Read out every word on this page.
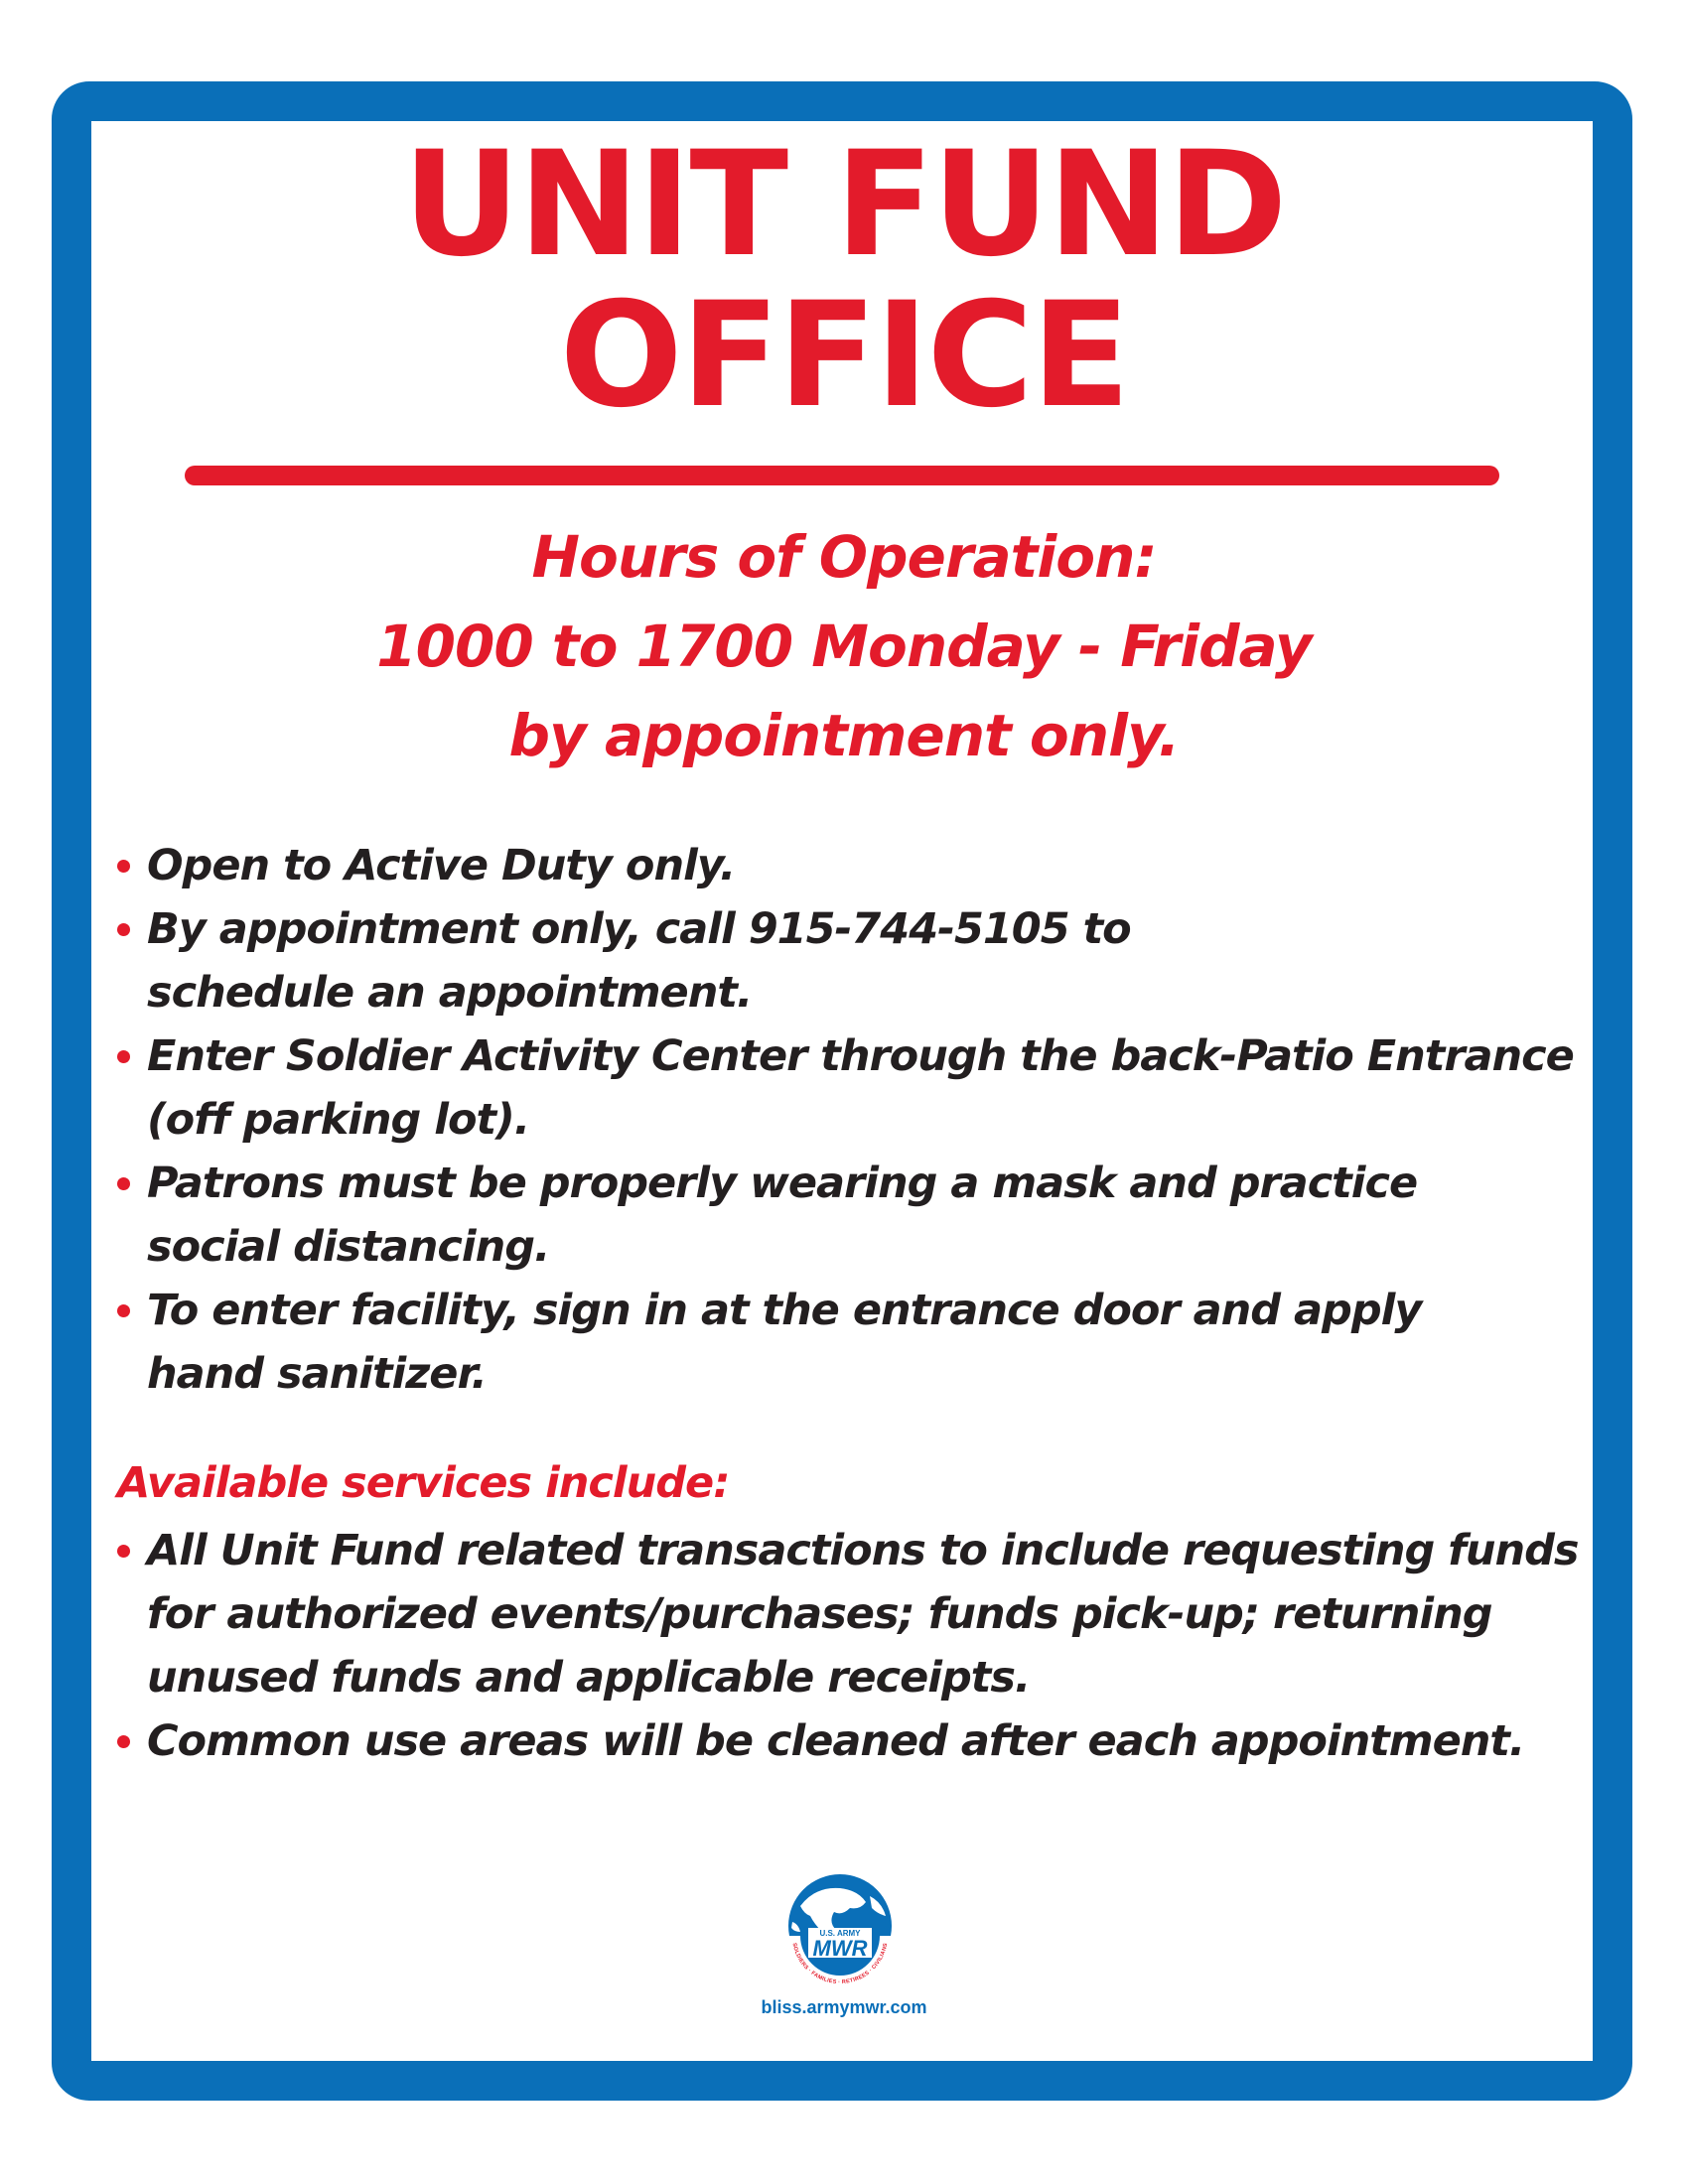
UNIT FUND
OFFICE
Hours of Operation:
1000 to 1700 Monday - Friday
by appointment only.
Open to Active Duty only.
By appointment only, call 915-744-5105 to
schedule an appointment.
Enter Soldier Activity Center through the back-Patio Entrance
(off parking lot).
Patrons must be properly wearing a mask and practice
social distancing.
To enter facility, sign in at the entrance door and apply
hand sanitizer.
Available services include:
All Unit Fund related transactions to include requesting funds
for authorized events/purchases; funds pick-up; returning
unused funds and applicable receipts.
Common use areas will be cleaned after each appointment.
U.S. ARMY
MWR
SOLDIERS · FAMILIES · RETIREES · CIVILIANS
bliss.armymwr.com
